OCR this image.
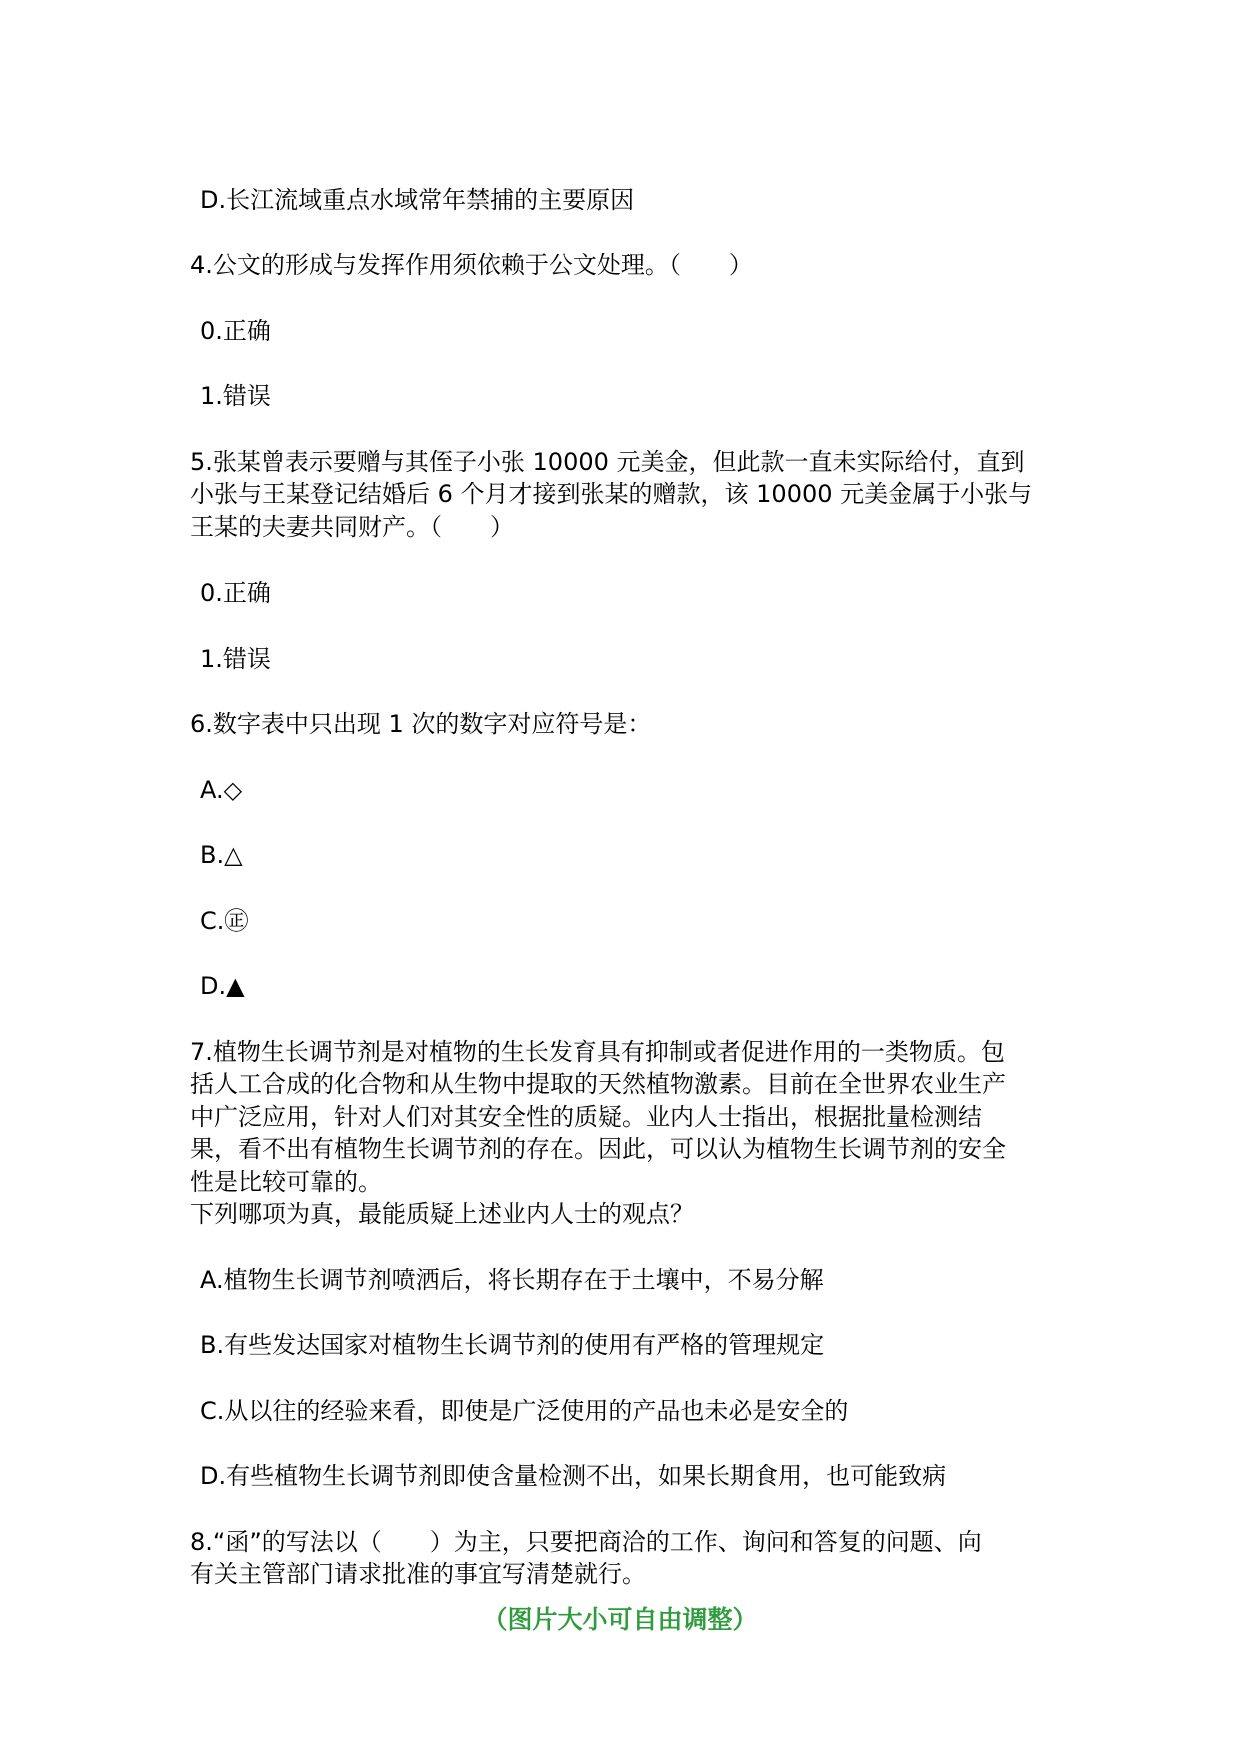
D.长江流域重点水域常年禁捕的主要原因
4.公文的形成与发挥作用须依赖于公文处理。（　　）
0.正确
1.错误
5.张某曾表示要赠与其侄子小张 10000 元美金，但此款一直未实际给付，直到
小张与王某登记结婚后 6 个月才接到张某的赠款，该 10000 元美金属于小张与
王某的夫妻共同财产。（　　）
0.正确
1.错误
6.数字表中只出现 1 次的数字对应符号是：
A.◇
B.△
C.㊣
D.▲
7.植物生长调节剂是对植物的生长发育具有抑制或者促进作用的一类物质。包
括人工合成的化合物和从生物中提取的天然植物激素。目前在全世界农业生产
中广泛应用，针对人们对其安全性的质疑。业内人士指出，根据批量检测结
果，看不出有植物生长调节剂的存在。因此，可以认为植物生长调节剂的安全
性是比较可靠的。
下列哪项为真，最能质疑上述业内人士的观点？
A.植物生长调节剂喷洒后，将长期存在于土壤中，不易分解
B.有些发达国家对植物生长调节剂的使用有严格的管理规定
C.从以往的经验来看，即使是广泛使用的产品也未必是安全的
D.有些植物生长调节剂即使含量检测不出，如果长期食用，也可能致病
8.“函”的写法以（　　）为主，只要把商洽的工作、询问和答复的问题、向
有关主管部门请求批准的事宜写清楚就行。
（图片大小可自由调整）
